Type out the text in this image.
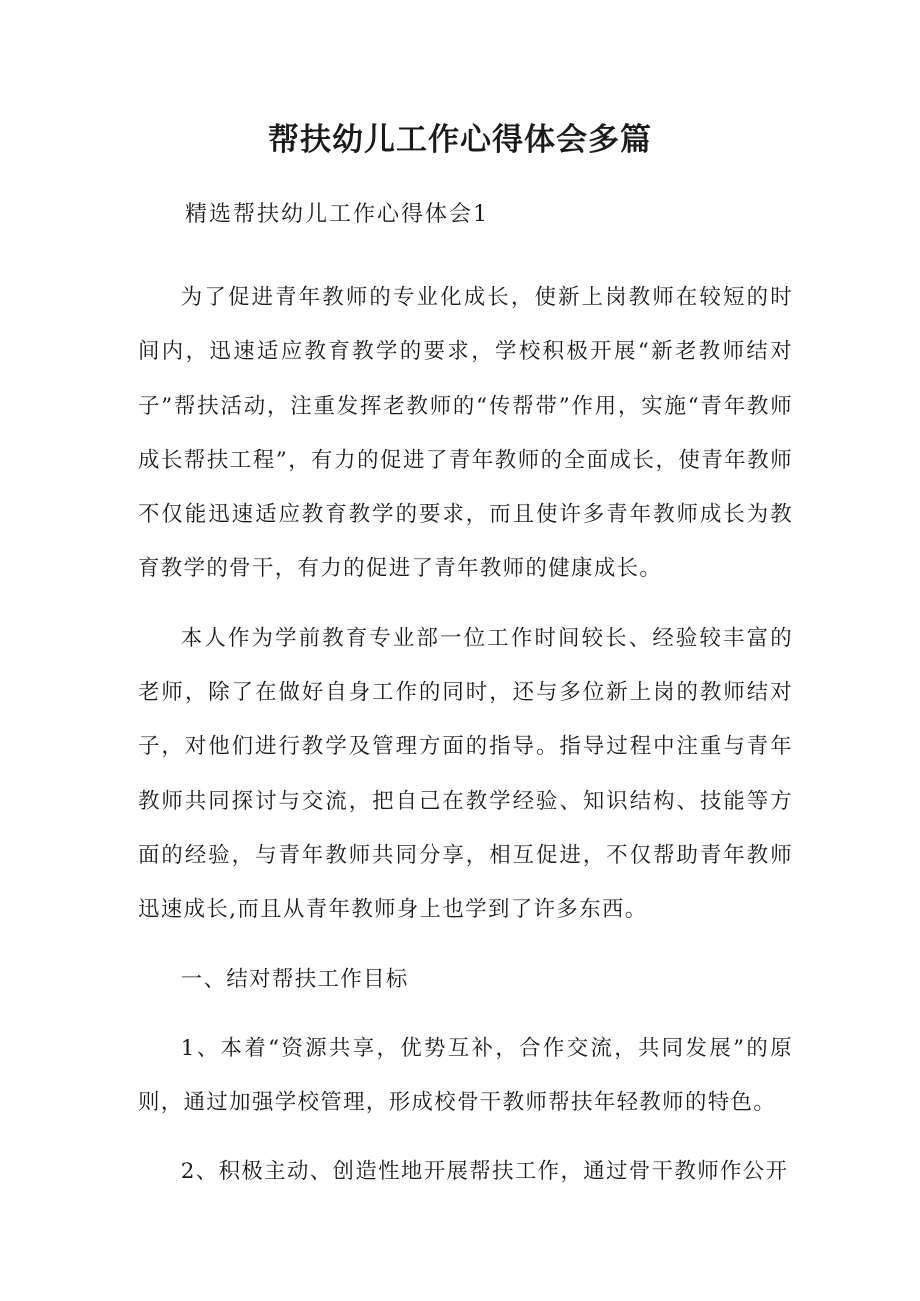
帮扶幼儿工作心得体会多篇
精选帮扶幼儿工作心得体会1

为了促进青年教师的专业化成长，使新上岗教师在较短的时间内，迅速适应教育教学的要求，学校积极开展“新老教师结对子”帮扶活动，注重发挥老教师的“传帮带”作用，实施“青年教师成长帮扶工程”，有力的促进了青年教师的全面成长，使青年教师不仅能迅速适应教育教学的要求，而且使许多青年教师成长为教育教学的骨干，有力的促进了青年教师的健康成长。

本人作为学前教育专业部一位工作时间较长、经验较丰富的老师，除了在做好自身工作的同时，还与多位新上岗的教师结对子，对他们进行教学及管理方面的指导。指导过程中注重与青年教师共同探讨与交流，把自己在教学经验、知识结构、技能等方面的经验，与青年教师共同分享，相互促进，不仅帮助青年教师迅速成长,而且从青年教师身上也学到了许多东西。

一、结对帮扶工作目标

1、本着“资源共享，优势互补，合作交流，共同发展”的原则，通过加强学校管理，形成校骨干教师帮扶年轻教师的特色。

2、积极主动、创造性地开展帮扶工作，通过骨干教师作公开
